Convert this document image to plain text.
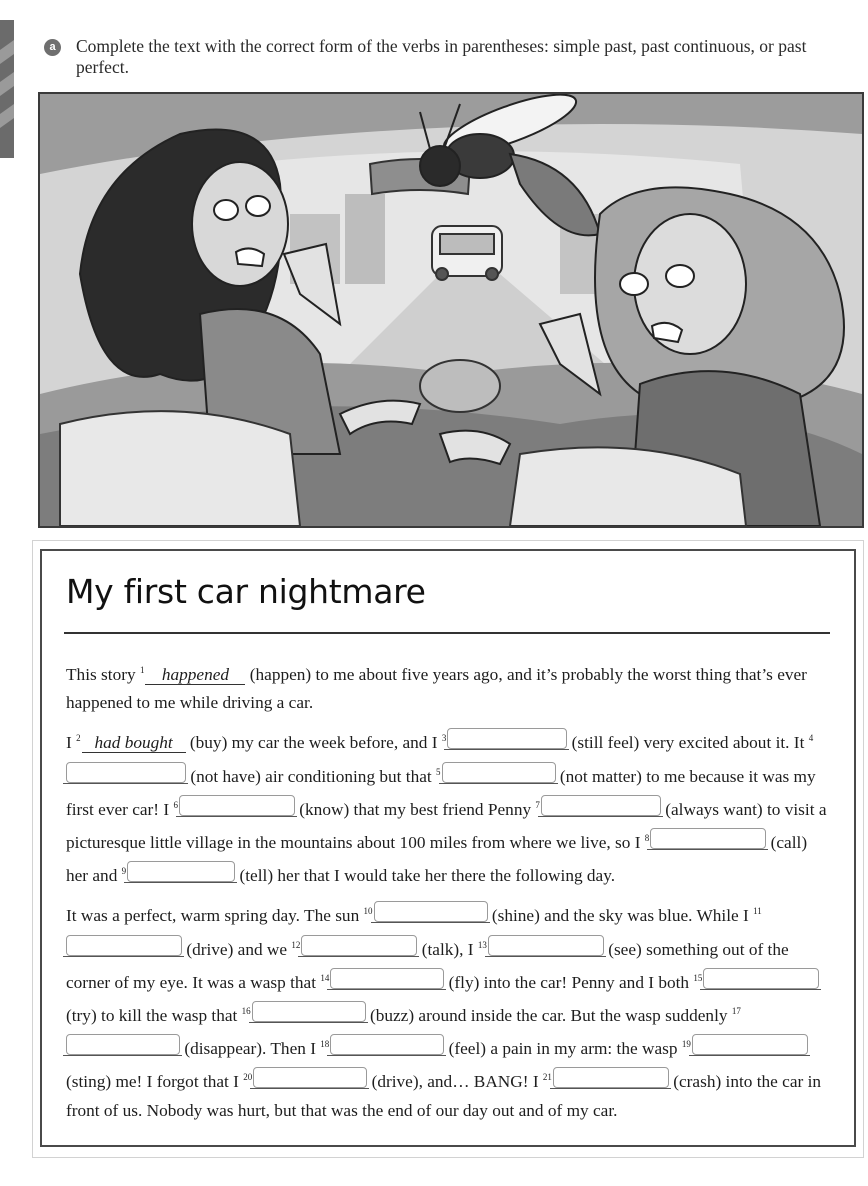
a	Complete the text with the correct form of the verbs in parentheses: simple past, past continuous, or past perfect.
My first car nightmare

This story $^1$ happened (happen) to me about five years ago, and it’s probably the worst thing that’s ever happened to me while driving a car.

I $^2$ had bought (buy) my car the week before, and I $^3$	(still feel) very excited about it. It $^4$ (not have) air conditioning but that $^5$	(not matter) to me because it was my first ever car! I $^6$	(know) that my best friend Penny $^7$	(always want) to visit a picturesque little village in the mountains about 100 miles from where we live, so I $^8$	(call) her and $^9$	(tell) her that I would take her there the following day.

It was a perfect, warm spring day. The sun $^{10}$	(shine) and the sky was blue. While I $^{11}$ (drive) and we $^{12}$	(talk), I $^{13}$	(see) something out of the corner of my eye. It was a wasp that $^{14}$	(fly) into the car! Penny and I both $^{15}$ (try) to kill the wasp that $^{16}$	(buzz) around inside the car. But the wasp suddenly $^{17}$ (disappear). Then I $^{18}$	(feel) a pain in my arm: the wasp $^{19}$ (sting) me! I forgot that I $^{20}$	(drive), and… BANG! I $^{21}$	(crash) into the car in front of us. Nobody was hurt, but that was the end of our day out and of my car.
